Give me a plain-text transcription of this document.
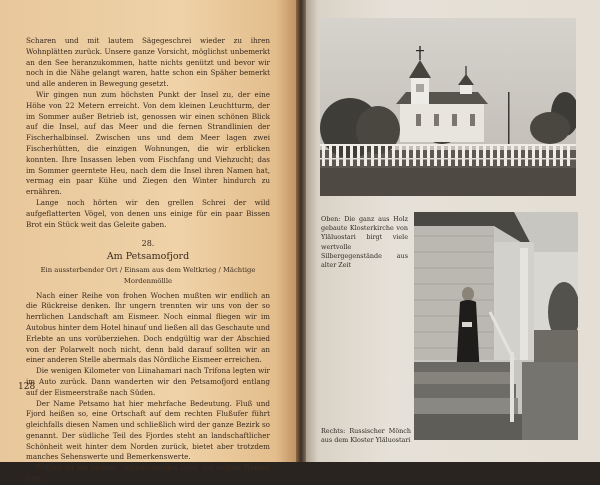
Scharen und mit lautem Sägegeschrei wieder zu ihren Wohnplätten zurück. Unsere ganze Vorsicht, möglichst unbemerkt an den See heranzukommen, hatte nichts genützt und bevor wir noch in die Nähe gelangt waren, hatte schon ein Späher bemerkt und alle anderen in Bewegung gesetzt.

Wir gingen nun zum höchsten Punkt der Insel zu, der eine Höhe von 22 Metern erreicht. Von dem kleinen Leuchtturm, der im Sommer außer Betrieb ist, genossen wir einen schönen Blick auf die Insel, auf das Meer und die fernen Strandlinien der Fischerhalbinsel. Zwischen uns und dem Meer lagen zwei Fischerhütten, die einzigen Wohnungen, die wir erblicken konnten. Ihre Insassen leben vom Fischfang und Viehzucht; das im Sommer geerntete Heu, nach dem die Insel ihren Namen hat, vermag ein paar Kühe und Ziegen den Winter hindurch zu ernähren.

Lange noch hörten wir den grellen Schrei der wild aufgeflatterten Vögel, von denen uns einige für ein paar Bissen Brot ein Stück weit das Geleite gaben.

28.
Am Petsamofjord
Ein aussterbender Ort / Einsam aus dem Weltkrieg / Mächtige Mordenmöllle

Nach einer Reihe von frohen Wochen mußten wir endlich an die Rückreise denken. Ihr ungern trennten wir uns von der so herrlichen Landschaft am Eismeer. Noch einmal fliegen wir im Autobus hinter dem Hotel hinauf und ließen all das Geschaute und Erlebte an uns vorüberziehen. Doch endgültig war der Abschied von der Polarwelt noch nicht, denn bald darauf sollten wir an einer anderen Stelle abermals das Nördliche Eismeer erreichen.

Die wenigen Kilometer von Liinahamari nach Trifona legten wir im Auto zurück. Dann wanderten wir den Petsamofjord entlang auf der Eismeerstraße nach Süden.

Der Name Petsamo hat hier mehrfache Bedeutung. Fluß und Fjord heißen so, eine Ortschaft auf dem rechten Flußufer führt gleichfalls diesen Namen und schließlich wird der ganze Bezirk so genannt. Der südliche Teil des Fjordes steht an landschaftlicher Schönheit weit hinter dem Norden zurück, bietet aber trotzdem manches Sehenswerte und Bemerkenswerte.

Trifona ist ein kleines, unbedeutendes Dorf, das seinen Namen vom

128
Oben: Die ganz aus Holz gebaute Klosterkirche von Yläluostari birgt viele wertvolle Silbergegenstände aus alter Zeit
Rechts: Russischer Mönch aus dem Kloster Yläluostari
